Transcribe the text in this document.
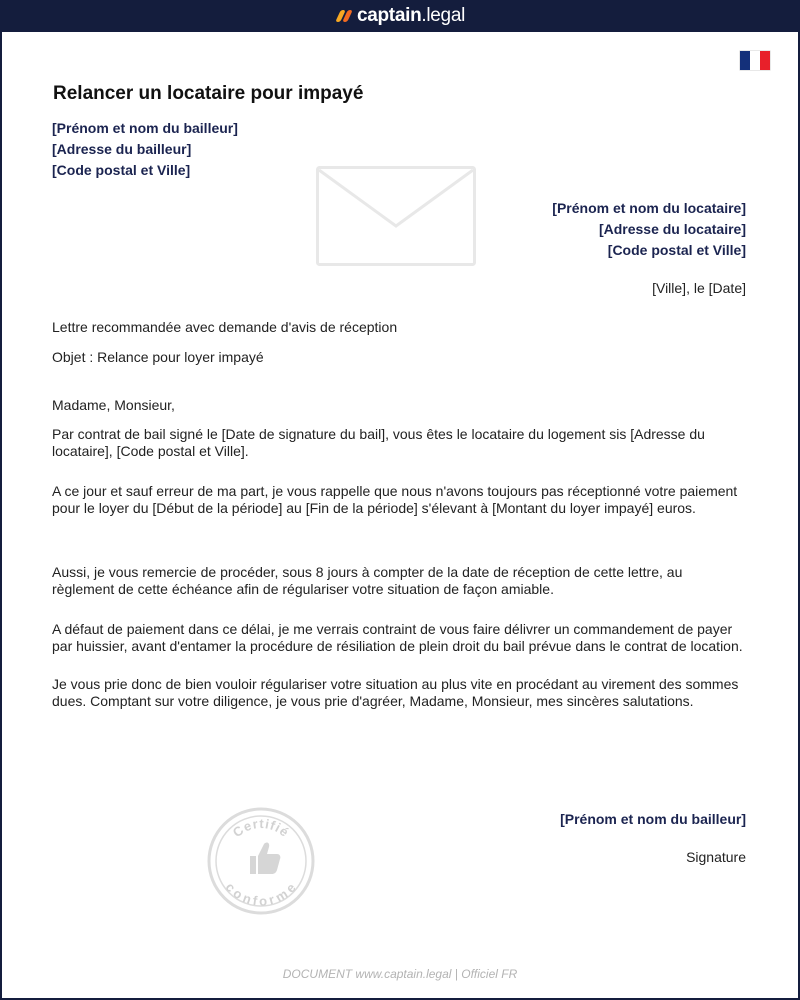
captain.legal
Relancer un locataire pour impayé
[Prénom et nom du bailleur]
[Adresse du bailleur]
[Code postal et Ville]
[Prénom et nom du locataire]
[Adresse du locataire]
[Code postal et Ville]
[Ville], le [Date]
Lettre recommandée avec demande d'avis de réception
Objet : Relance pour loyer impayé
Madame, Monsieur,
Par contrat de bail signé le [Date de signature du bail], vous êtes le locataire du logement sis [Adresse du locataire], [Code postal et Ville].
A ce jour et sauf erreur de ma part, je vous rappelle que nous n'avons toujours pas réceptionné votre paiement pour le loyer du [Début de la période] au [Fin de la période] s'élevant à [Montant du loyer impayé] euros.
Aussi, je vous remercie de procéder, sous 8 jours à compter de la date de réception de cette lettre, au règlement de cette échéance afin de régulariser votre situation de façon amiable.
A défaut de paiement dans ce délai, je me verrais contraint de vous faire délivrer un commandement de payer par huissier, avant d'entamer la procédure de résiliation de plein droit du bail prévue dans le contrat de location.
Je vous prie donc de bien vouloir régulariser votre situation au plus vite en procédant au virement des sommes dues. Comptant sur votre diligence, je vous prie d'agréer, Madame, Monsieur, mes sincères salutations.
Certifié
conforme
[Prénom et nom du bailleur]
Signature
DOCUMENT www.captain.legal | Officiel FR
